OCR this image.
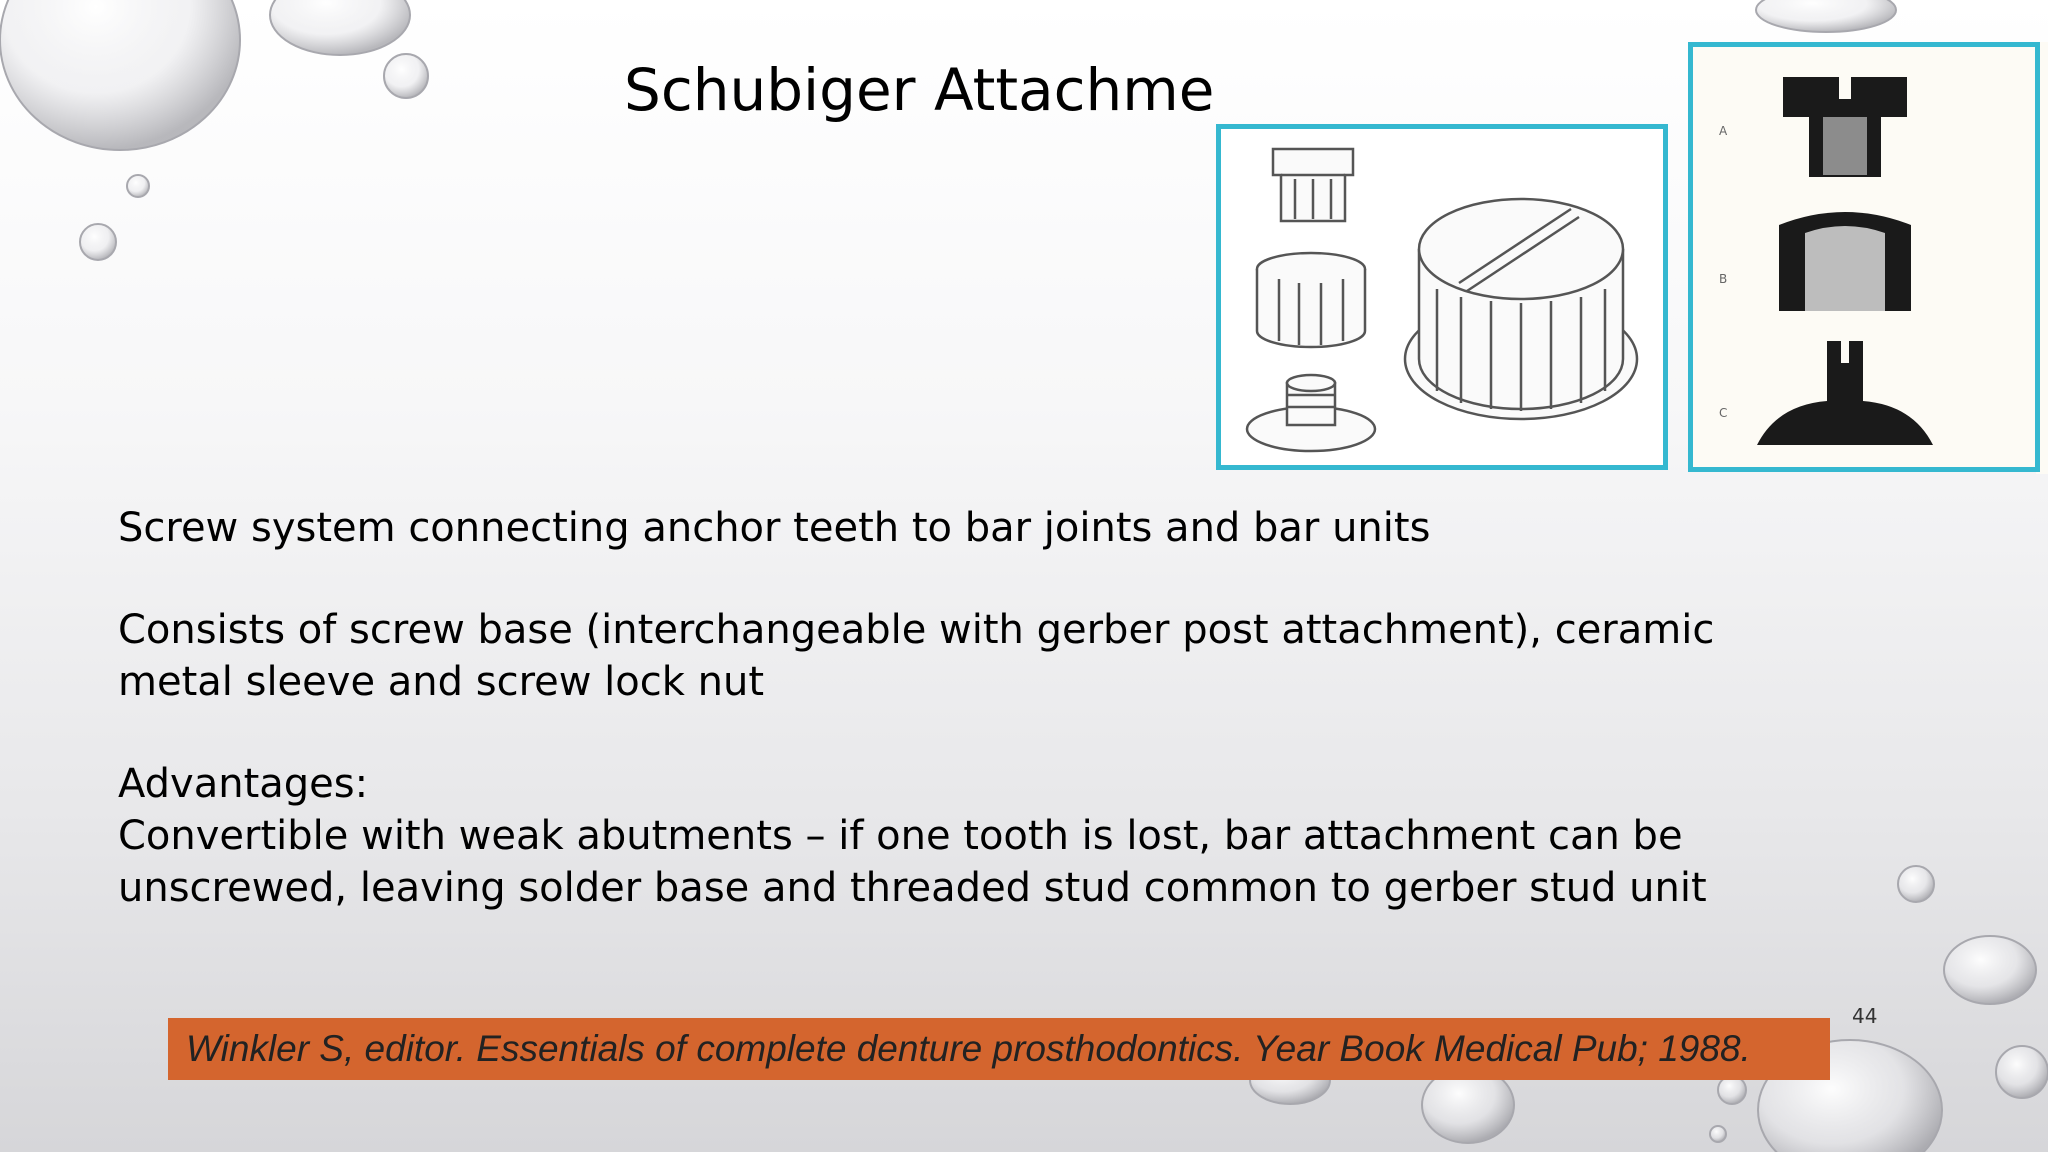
Schubiger Attachme
A
B
C

Screw system connecting anchor teeth to bar joints and bar units

Consists of screw base (interchangeable with gerber post attachment), ceramic

metal sleeve and screw lock nut

Advantages:

Convertible with weak abutments – if one tooth is lost, bar attachment can be

unscrewed, leaving solder base and threaded stud common to gerber stud unit

44
Winkler S, editor. Essentials of complete denture prosthodontics. Year Book Medical Pub; 1988.
